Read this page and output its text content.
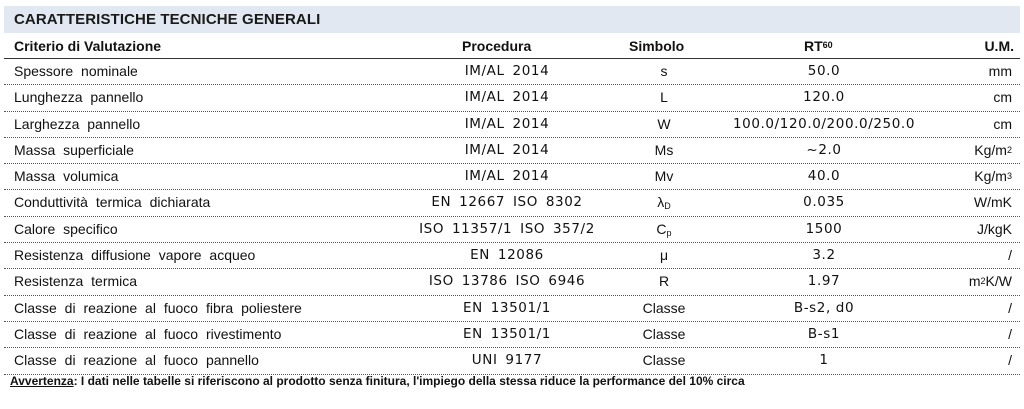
CARATTERISTICHE TECNICHE GENERALI
Criterio di Valutazione	Procedura	Simbolo	RT$^{60}$	U.M.
Spessore nominale	IM/AL 2014	s	50.0	mm
Lunghezza pannello	IM/AL 2014	L	120.0	cm
Larghezza pannello	IM/AL 2014	W	100.0/120.0/200.0/250.0	cm
Massa superficiale	IM/AL 2014	Ms	~2.0	$Kg/m^2$
Massa volumica	IM/AL 2014	Mv	40.0	$Kg/m^3$
Conduttività termica dichiarata	EN 12667 ISO 8302	$\lambda_D$	0.035	W/mK
Calore specifico	ISO 11357/1 ISO 357/2	$C_p$	1500	J/kgK
Resistenza diffusione vapore acqueo	EN 12086	μ	3.2	/
Resistenza termica	ISO 13786 ISO 6946	R	1.97	$m^2K/W$
Classe di reazione al fuoco fibra poliestere	EN 13501/1	Classe	B-s2, d0	/
Classe di reazione al fuoco rivestimento	EN 13501/1	Classe	B-s1	/
Classe di reazione al fuoco pannello	UNI 9177	Classe	1	/
Avvertenza: I dati nelle tabelle si riferiscono al prodotto senza finitura, l'impiego della stessa riduce la performance del 10% circa
